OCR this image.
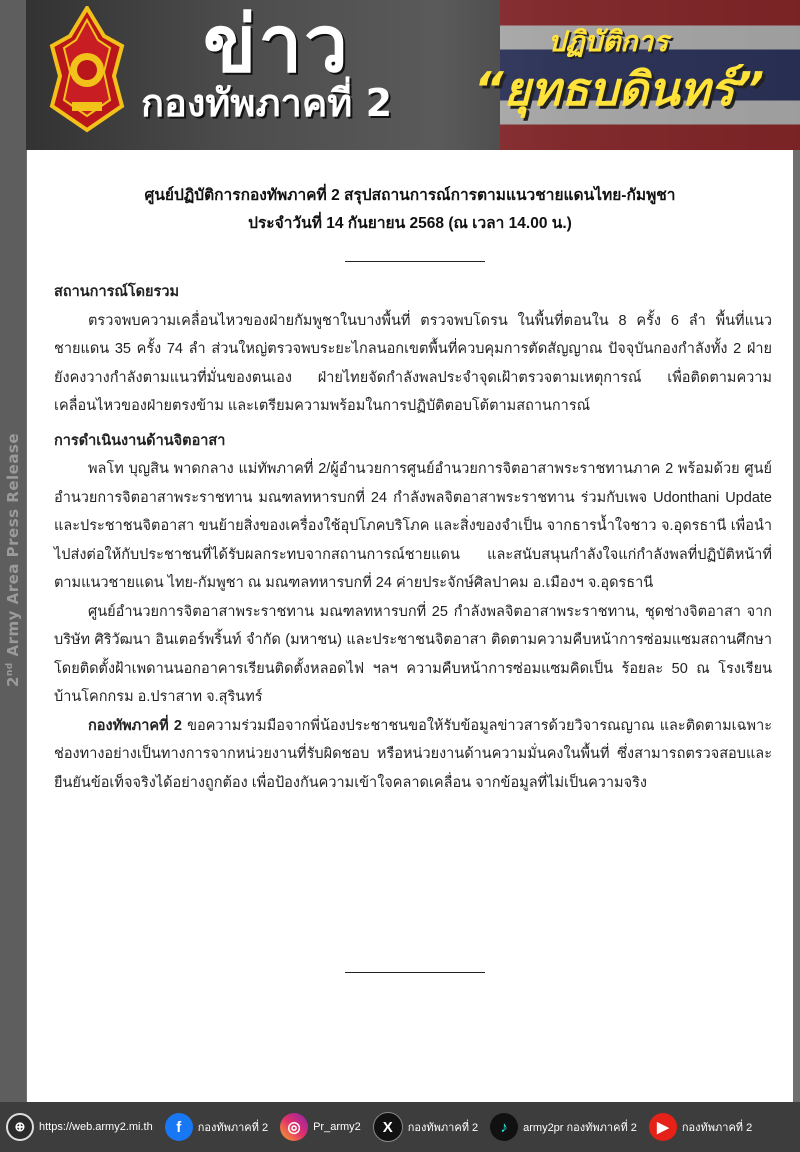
ข่าว
กองทัพภาคที่ 2
ปฏิบัติการ
“ยุทธบดินทร์”
2nd Army Area Press Release
ศูนย์ปฏิบัติการกองทัพภาคที่ 2 สรุปสถานการณ์การตามแนวชายแดนไทย-กัมพูชา
ประจำวันที่ 14 กันยายน 2568 (ณ เวลา 14.00 น.)
สถานการณ์โดยรวม
ตรวจพบความเคลื่อนไหวของฝ่ายกัมพูชาในบางพื้นที่ ตรวจพบโดรน ในพื้นที่ตอนใน 8 ครั้ง 6 ลำ พื้นที่แนวชายแดน 35 ครั้ง 74 ลำ ส่วนใหญ่ตรวจพบระยะไกลนอกเขตพื้นที่ควบคุมการตัดสัญญาณ ปัจจุบันกองกำลังทั้ง 2 ฝ่าย ยังคงวางกำลังตามแนวที่มั่นของตนเอง ฝ่ายไทยจัดกำลังพลประจำจุดเฝ้าตรวจตามเหตุการณ์ เพื่อติดตามความเคลื่อนไหวของฝ่ายตรงข้าม และเตรียมความพร้อมในการปฏิบัติตอบโต้ตามสถานการณ์
การดำเนินงานด้านจิตอาสา
พลโท บุญสิน พาดกลาง แม่ทัพภาคที่ 2/ผู้อำนวยการศูนย์อำนวยการจิตอาสาพระราชทานภาค 2 พร้อมด้วย ศูนย์อำนวยการจิตอาสาพระราชทาน มณฑลทหารบกที่ 24 กำลังพลจิตอาสาพระราชทาน ร่วมกับเพจ Udonthani Update และประชาชนจิตอาสา ขนย้ายสิ่งของเครื่องใช้อุปโภคบริโภค และสิ่งของจำเป็น จากธารน้ำใจชาว จ.อุดรธานี เพื่อนำไปส่งต่อให้กับประชาชนที่ได้รับผลกระทบจากสถานการณ์ชายแดน และสนับสนุนกำลังใจแก่กำลังพลที่ปฏิบัติหน้าที่ตามแนวชายแดน ไทย-กัมพูชา ณ มณฑลทหารบกที่ 24 ค่ายประจักษ์ศิลปาคม อ.เมืองฯ จ.อุดรธานี
ศูนย์อำนวยการจิตอาสาพระราชทาน มณฑลทหารบกที่ 25 กำลังพลจิตอาสาพระราชทาน, ชุดช่างจิตอาสา จาก บริษัท ศิริวัฒนา อินเตอร์พริ้นท์ จำกัด (มหาชน) และประชาชนจิตอาสา ติดตามความคืบหน้าการซ่อมแซมสถานศึกษา โดยติดตั้งฝ้าเพดานนอกอาคารเรียนติดตั้งหลอดไฟ ฯลฯ ความคืบหน้าการซ่อมแซมคิดเป็น ร้อยละ 50 ณ โรงเรียนบ้านโคกกรม อ.ปราสาท จ.สุรินทร์
กองทัพภาคที่ 2 ขอความร่วมมือจากพี่น้องประชาชนขอให้รับข้อมูลข่าวสารด้วยวิจารณญาณ และติดตามเฉพาะช่องทางอย่างเป็นทางการจากหน่วยงานที่รับผิดชอบ หรือหน่วยงานด้านความมั่นคงในพื้นที่ ซึ่งสามารถตรวจสอบและยืนยันข้อเท็จจริงได้อย่างถูกต้อง เพื่อป้องกันความเข้าใจคลาดเคลื่อน จากข้อมูลที่ไม่เป็นความจริง
⊕	https://web.army2.mi.th	f	กองทัพภาคที่ 2	◎	Pr_army2	X	กองทัพภาคที่ 2	♪	army2pr กองทัพภาคที่ 2	▶	กองทัพภาคที่ 2
